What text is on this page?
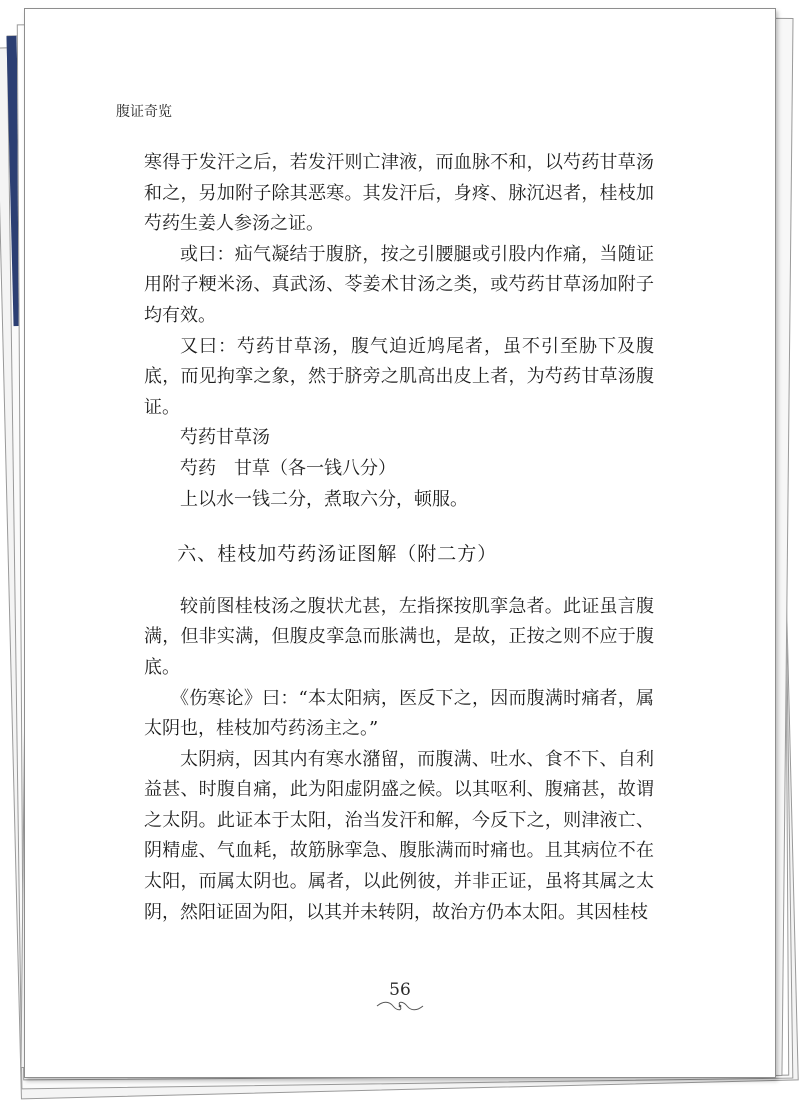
腹证奇览

寒得于发汗之后，若发汗则亡津液，而血脉不和，以芍药甘草汤和之，另加附子除其恶寒。其发汗后，身疼、脉沉迟者，桂枝加芍药生姜人参汤之证。

或曰：疝气凝结于腹脐，按之引腰腿或引股内作痛，当随证用附子粳米汤、真武汤、苓姜术甘汤之类，或芍药甘草汤加附子均有效。

又曰：芍药甘草汤，腹气迫近鸠尾者，虽不引至胁下及腹底，而见拘挛之象，然于脐旁之肌高出皮上者，为芍药甘草汤腹证。

芍药甘草汤

芍药　甘草（各一钱八分）

上以水一钱二分，煮取六分，顿服。

六、桂枝加芍药汤证图解（附二方）

较前图桂枝汤之腹状尤甚，左指探按肌挛急者。此证虽言腹满，但非实满，但腹皮挛急而胀满也，是故，正按之则不应于腹底。

《伤寒论》曰：“本太阳病，医反下之，因而腹满时痛者，属太阴也，桂枝加芍药汤主之。”

太阴病，因其内有寒水潴留，而腹满、吐水、食不下、自利益甚、时腹自痛，此为阳虚阴盛之候。以其呕利、腹痛甚，故谓之太阴。此证本于太阳，治当发汗和解，今反下之，则津液亡、阴精虚、气血耗，故筋脉挛急、腹胀满而时痛也。且其病位不在太阳，而属太阴也。属者，以此例彼，并非正证，虽将其属之太阴，然阳证固为阳，以其并未转阴，故治方仍本太阳。其因桂枝

56
